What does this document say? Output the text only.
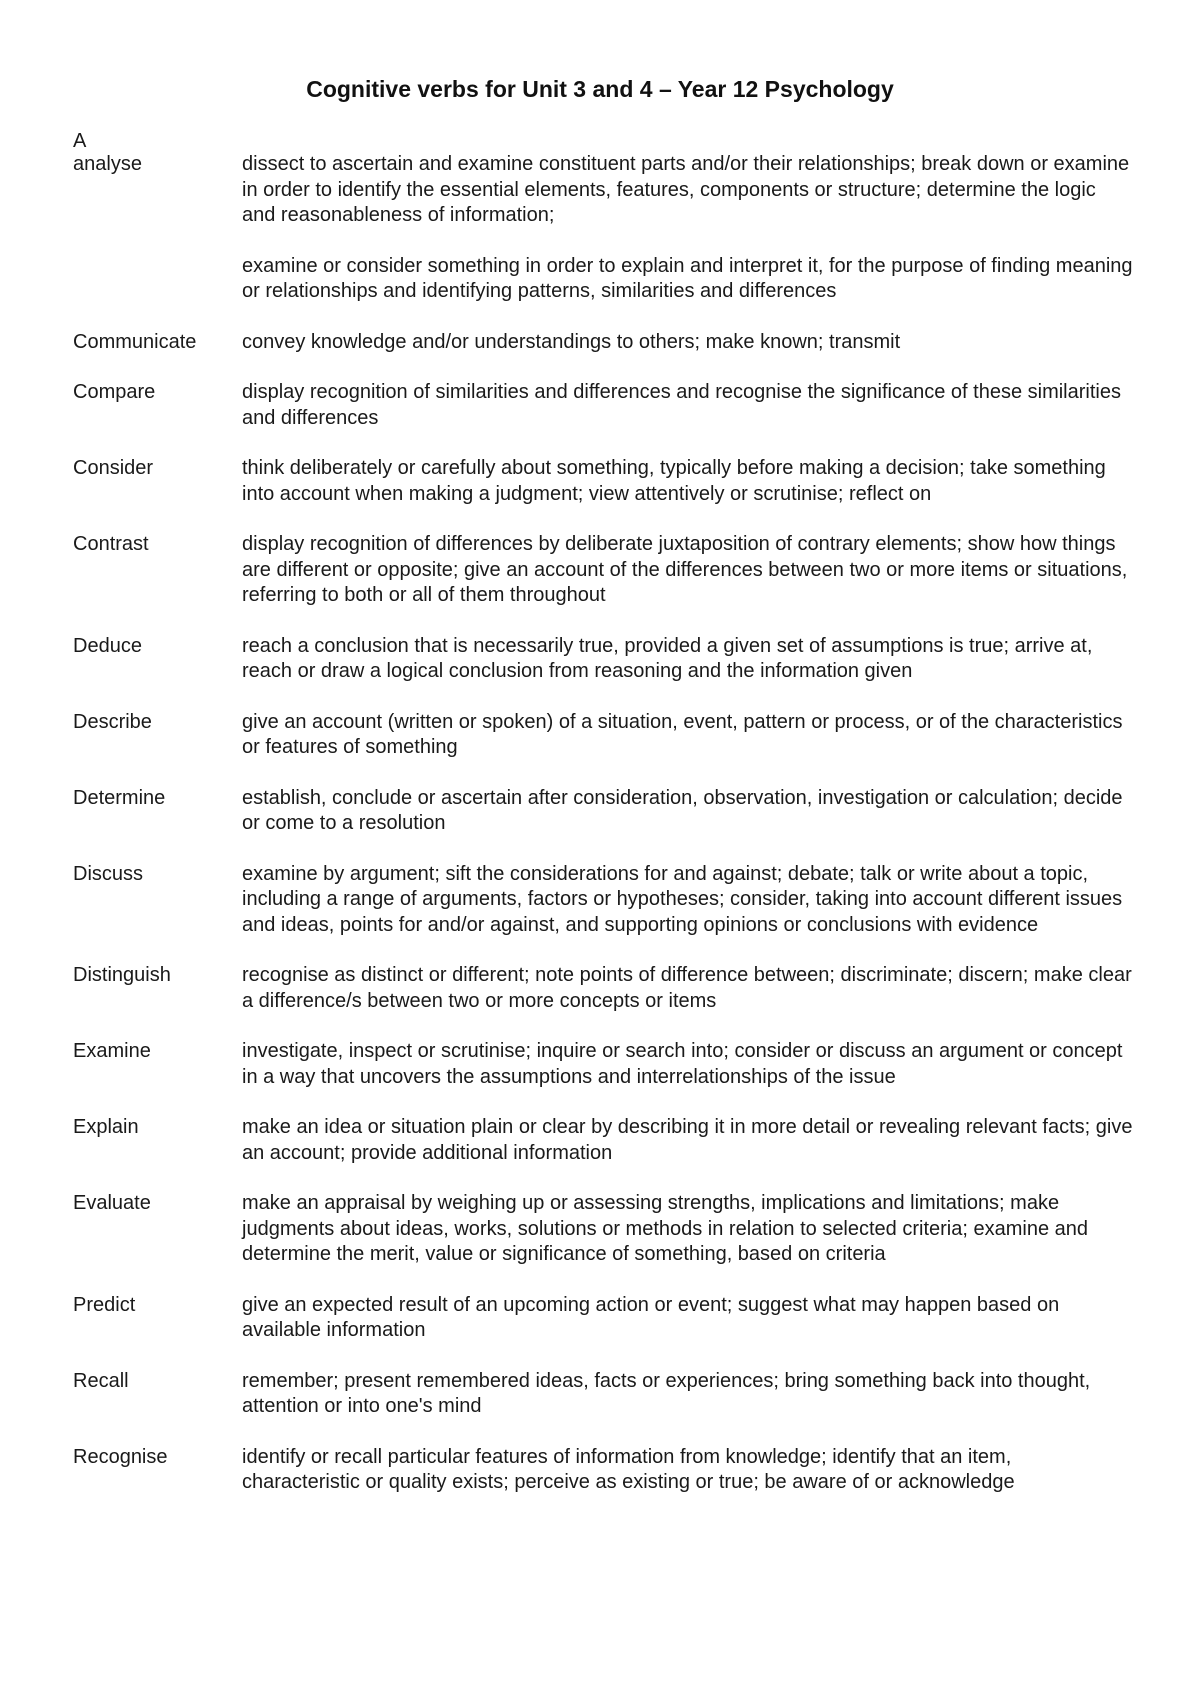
Cognitive verbs for Unit 3 and 4 – Year 12 Psychology
A
analyse	dissect to ascertain and examine constituent parts and/or their relationships; break down or examine in order to identify the essential elements, features, components or structure; determine the logic and reasonableness of information;
examine or consider something in order to explain and interpret it, for the purpose of finding meaning or relationships and identifying patterns, similarities and differences
Communicate	convey knowledge and/or understandings to others; make known; transmit
Compare	display recognition of similarities and differences and recognise the significance of these similarities and differences
Consider	think deliberately or carefully about something, typically before making a decision; take something into account when making a judgment; view attentively or scrutinise; reflect on
Contrast	display recognition of differences by deliberate juxtaposition of contrary elements; show how things are different or opposite; give an account of the differences between two or more items or situations, referring to both or all of them throughout
Deduce	reach a conclusion that is necessarily true, provided a given set of assumptions is true; arrive at, reach or draw a logical conclusion from reasoning and the information given
Describe	give an account (written or spoken) of a situation, event, pattern or process, or of the characteristics or features of something
Determine	establish, conclude or ascertain after consideration, observation, investigation or calculation; decide or come to a resolution
Discuss	examine by argument; sift the considerations for and against; debate; talk or write about a topic, including a range of arguments, factors or hypotheses; consider, taking into account different issues and ideas, points for and/or against, and supporting opinions or conclusions with evidence
Distinguish	recognise as distinct or different; note points of difference between; discriminate; discern; make clear a difference/s between two or more concepts or items
Examine	investigate, inspect or scrutinise; inquire or search into; consider or discuss an argument or concept in a way that uncovers the assumptions and interrelationships of the issue
Explain	make an idea or situation plain or clear by describing it in more detail or revealing relevant facts; give an account; provide additional information
Evaluate	make an appraisal by weighing up or assessing strengths, implications and limitations; make judgments about ideas, works, solutions or methods in relation to selected criteria; examine and determine the merit, value or significance of something, based on criteria
Predict	give an expected result of an upcoming action or event; suggest what may happen based on available information
Recall	remember; present remembered ideas, facts or experiences; bring something back into thought, attention or into one's mind
Recognise	identify or recall particular features of information from knowledge; identify that an item, characteristic or quality exists; perceive as existing or true; be aware of or acknowledge
